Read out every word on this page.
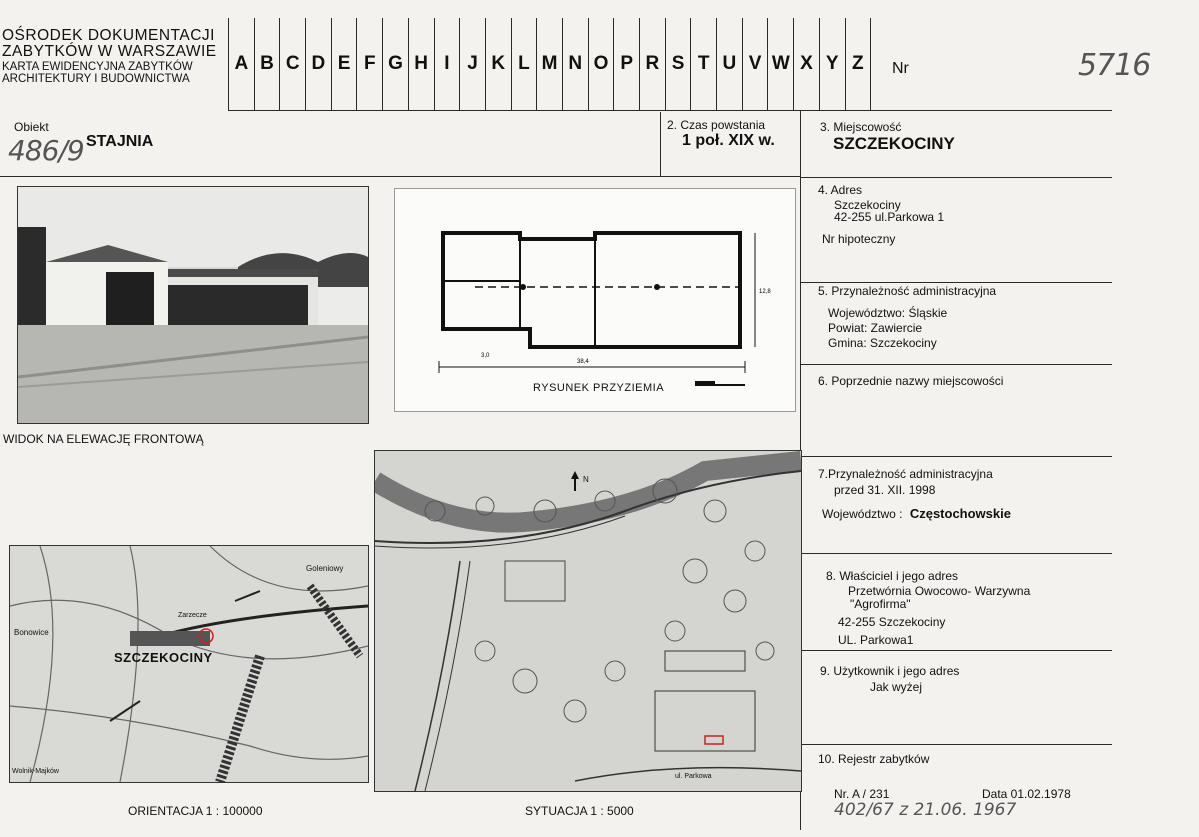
OŚRODEK DOKUMENTACJI
ZABYTKÓW W WARSZAWIE
KARTA EWIDENCYJNA ZABYTKÓW
ARCHITEKTURY I BUDOWNICTWA
A B C D E F G H I J K L M N O P R S T U V W X Y Z	Nr	5716
Obiekt
486/9 STAJNIA
2. Czas powstania
1 poł. XIX w.
3. Miejscowość
SZCZEKOCINY
WIDOK NA ELEWACJĘ FRONTOWĄ
38,4
12,8
3,0
RYSUNEK PRZYZIEMIA
SZCZEKOCINY
Bonowice
Goleniowy
Zarzecze
Wolnik-Majków
ORIENTACJA 1 : 100000
N
ul. Parkowa
SYTUACJA 1 : 5000
4. Adres
Szczekociny
42-255 ul.Parkowa 1
Nr hipoteczny
5. Przynależność administracyjna
Województwo: Śląskie
Powiat: Zawiercie
Gmina: Szczekociny
6. Poprzednie nazwy miejscowości
7.Przynależność administracyjna
przed 31. XII. 1998
Województwo : Częstochowskie
8. Właściciel i jego adres
Przetwórnia Owocowo- Warzywna
"Agrofirma"
42-255 Szczekociny
UL. Parkowa1
9. Użytkownik i jego adres
Jak wyżej
10. Rejestr zabytków
Nr. A / 231	Data 01.02.1978
402/67 z 21.06. 1967
